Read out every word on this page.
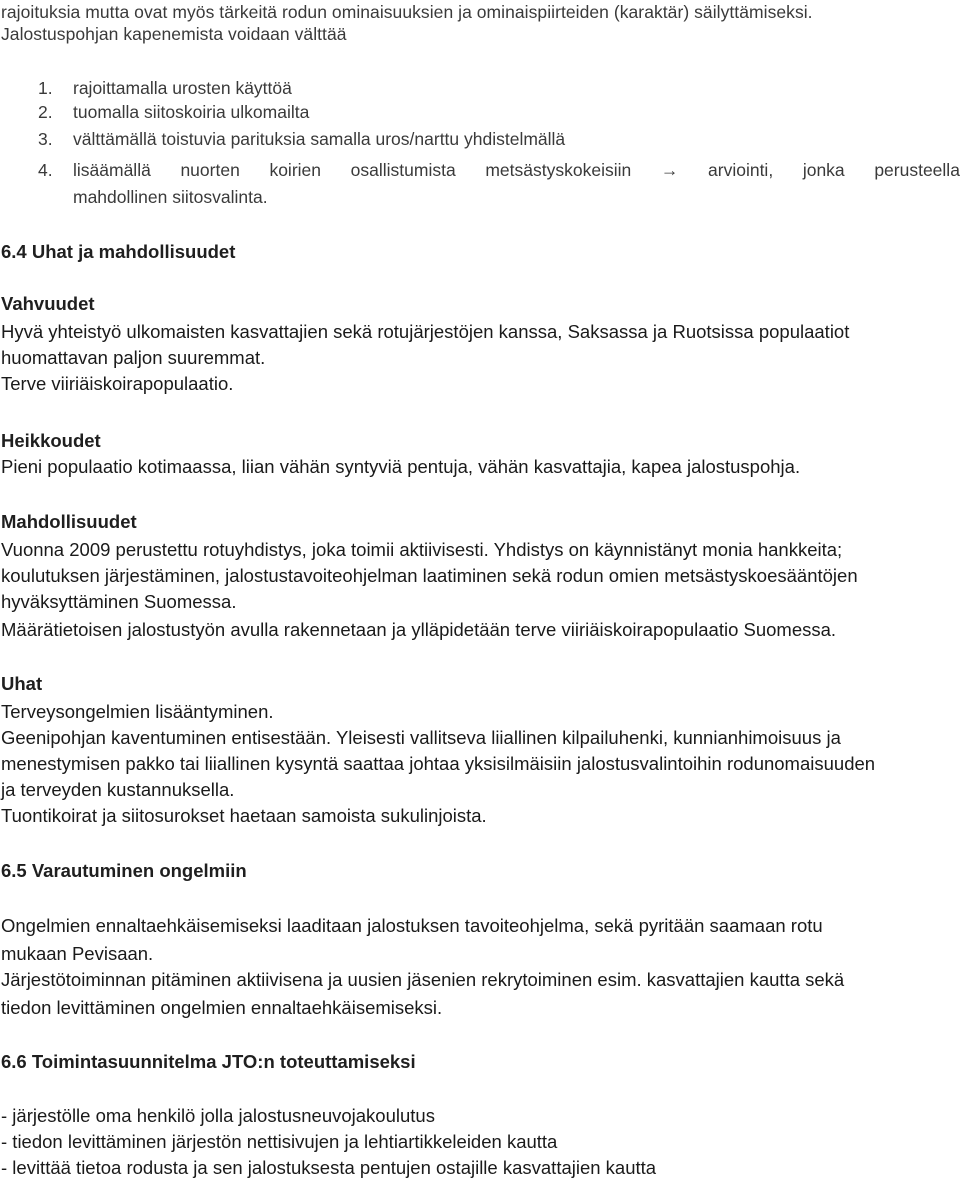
rajoituksia mutta ovat myös tärkeitä rodun ominaisuuksien ja ominaispiirteiden (karaktär) säilyttämiseksi.
Jalostuspohjan kapenemista voidaan välttää
1. rajoittamalla urosten käyttöä
2. tuomalla siitoskoiria ulkomailta
3. välttämällä toistuvia parituksia samalla uros/narttu yhdistelmällä
4. lisäämällä nuorten koirien osallistumista metsästyskokeisiin → arviointi, jonka perusteella
mahdollinen siitosvalinta.
6.4 Uhat ja mahdollisuudet
Vahvuudet
Hyvä yhteistyö ulkomaisten kasvattajien sekä rotujärjestöjen kanssa, Saksassa ja Ruotsissa populaatiot
huomattavan paljon suuremmat.
Terve viiriäiskoirapopulaatio.
Heikkoudet
Pieni populaatio kotimaassa, liian vähän syntyviä pentuja, vähän kasvattajia, kapea jalostuspohja.
Mahdollisuudet
Vuonna 2009 perustettu rotuyhdistys, joka toimii aktiivisesti. Yhdistys on käynnistänyt monia hankkeita;
koulutuksen järjestäminen, jalostustavoiteohjelman laatiminen sekä rodun omien metsästyskoesääntöjen
hyväksyttäminen Suomessa.
Määrätietoisen jalostustyön avulla rakennetaan ja ylläpidetään terve viiriäiskoirapopulaatio Suomessa.
Uhat
Terveysongelmien lisääntyminen.
Geenipohjan kaventuminen entisestään. Yleisesti vallitseva liiallinen kilpailuhenki, kunnianhimoisuus ja
menestymisen pakko tai liiallinen kysyntä saattaa johtaa yksisilmäisiin jalostusvalintoihin rodunomaisuuden
ja terveyden kustannuksella.
Tuontikoirat ja siitosurokset haetaan samoista sukulinjoista.
6.5 Varautuminen ongelmiin
Ongelmien ennaltaehkäisemiseksi laaditaan jalostuksen tavoiteohjelma, sekä pyritään saamaan rotu
mukaan Pevisaan.
Järjestötoiminnan pitäminen aktiivisena ja uusien jäsenien rekrytoiminen esim. kasvattajien kautta sekä
tiedon levittäminen ongelmien ennaltaehkäisemiseksi.
6.6 Toimintasuunnitelma JTO:n toteuttamiseksi
- järjestölle oma henkilö jolla jalostusneuvojakoulutus
- tiedon levittäminen järjestön nettisivujen ja lehtiartikkeleiden kautta
- levittää tietoa rodusta ja sen jalostuksesta pentujen ostajille kasvattajien kautta
